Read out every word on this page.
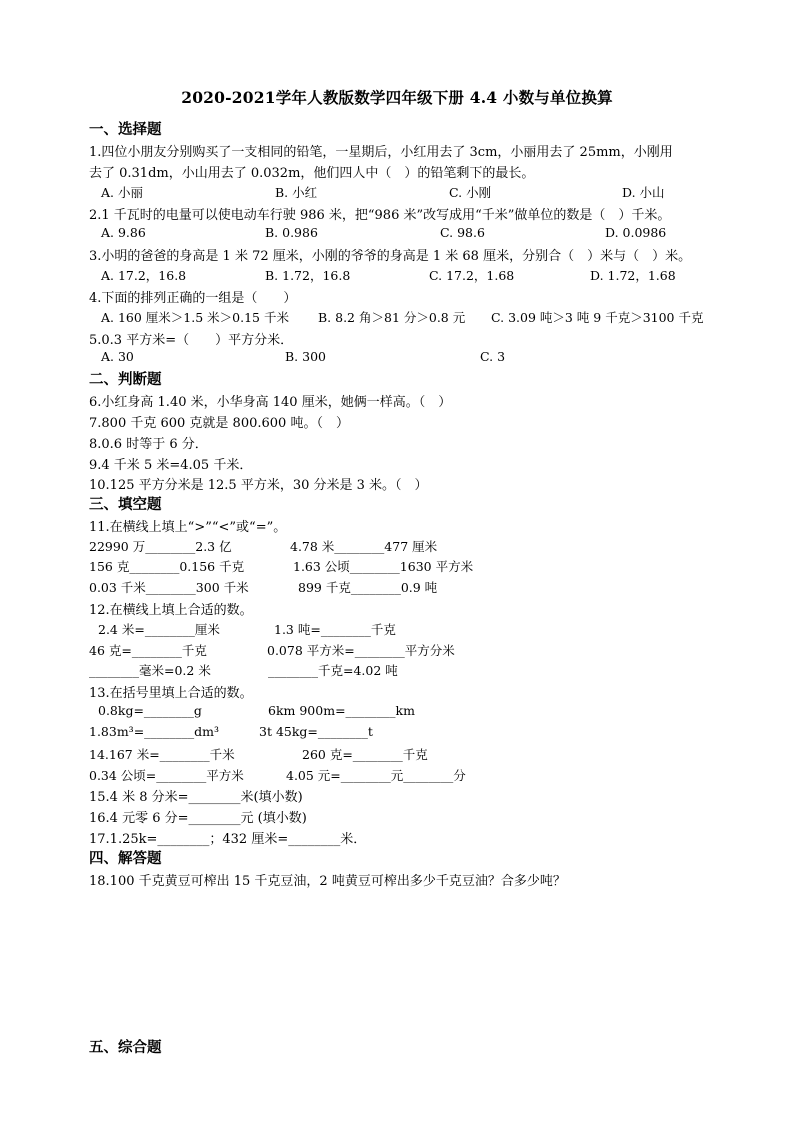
2020-2021学年人教版数学四年级下册 4.4 小数与单位换算
一、选择题
1.四位小朋友分别购买了一支相同的铅笔，一星期后，小红用去了 3cm，小丽用去了 25mm，小刚用
去了 0.31dm，小山用去了 0.032m，他们四人中（　）的铅笔剩下的最长。
A. 小丽	B. 小红	C. 小刚	D. 小山
2.1 千瓦时的电量可以使电动车行驶 986 米，把“986 米”改写成用“千米”做单位的数是（　）千米。
A. 9.86	B. 0.986	C. 98.6	D. 0.0986
3.小明的爸爸的身高是 1 米 72 厘米，小刚的爷爷的身高是 1 米 68 厘米，分别合（　）米与（　）米。
A. 17.2，16.8	B. 1.72，16.8	C. 17.2，1.68	D. 1.72，1.68
4.下面的排列正确的一组是（　　）
A. 160 厘米＞1.5 米＞0.15 千米 B. 8.2 角＞81 分＞0.8 元 C. 3.09 吨＞3 吨 9 千克＞3100 千克
5.0.3 平方米=（　　）平方分米．
A. 30	B. 300	C. 3
二、判断题
6.小红身高 1.40 米，小华身高 140 厘米，她俩一样高。（　）
7.800 千克 600 克就是 800.600 吨。（　）
8.0.6 时等于 6 分．
9.4 千米 5 米=4.05 千米．
10.125 平方分米是 12.5 平方米，30 分米是 3 米。（　）
三、填空题
11.在横线上填上“>”“<”或“=”。
22990 万________2.3 亿	4.78 米________477 厘米
156 克________0.156 千克	1.63 公顷________1630 平方米
0.03 千米________300 千米	899 千克________0.9 吨
12.在横线上填上合适的数。
2.4 米=________厘米	1.3 吨=________千克
46 克=________千克	0.078 平方米=________平方分米
________毫米=0.2 米	________千克=4.02 吨
13.在括号里填上合适的数。
0.8kg=________g	6km 900m=________km
1.83m³=________dm³	3t 45kg=________t
14.167 米=________千米	260 克=________千克
0.34 公顷=________平方米	4.05 元=________元________分
15.4 米 8 分米=________米(填小数)
16.4 元零 6 分=________元 (填小数)
17.1.25k=________；432 厘米=________米．
四、解答题
18.100 千克黄豆可榨出 15 千克豆油，2 吨黄豆可榨出多少千克豆油？合多少吨？
五、综合题
